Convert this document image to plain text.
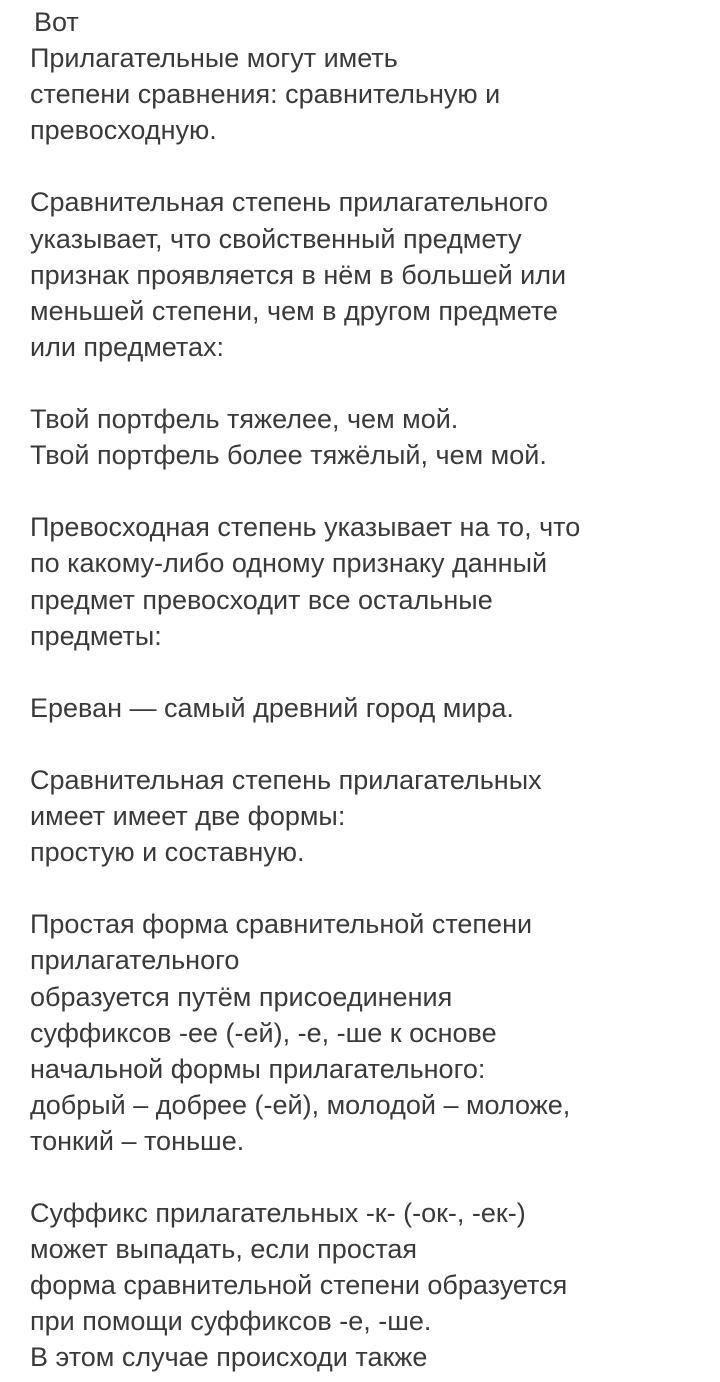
Вот
Прилагательные могут иметь
степени сравнения: сравнительную и
превосходную.
Сравнительная степень прилагательного
указывает, что свойственный предмету
признак проявляется в нём в большей или
меньшей степени, чем в другом предмете
или предметах:
Твой портфель тяжелее, чем мой.
Твой портфель более тяжёлый, чем мой.
Превосходная степень указывает на то, что
по какому-либо одному признаку данный
предмет превосходит все остальные
предметы:
Ереван — самый древний город мира.
Сравнительная степень прилагательных
имеет имеет две формы:
простую и составную.
Простая форма сравнительной степени
прилагательного
образуется путём присоединения
суффиксов -ее (-ей), -е, -ше к основе
начальной формы прилагательного:
добрый – добрее (-ей), молодой – моложе,
тонкий – тоньше.
Суффикс прилагательных -к- (-ок-, -ек-)
может выпадать, если простая
форма сравнительной степени образуется
при помощи суффиксов -е, -ше.
В этом случае происходи также
